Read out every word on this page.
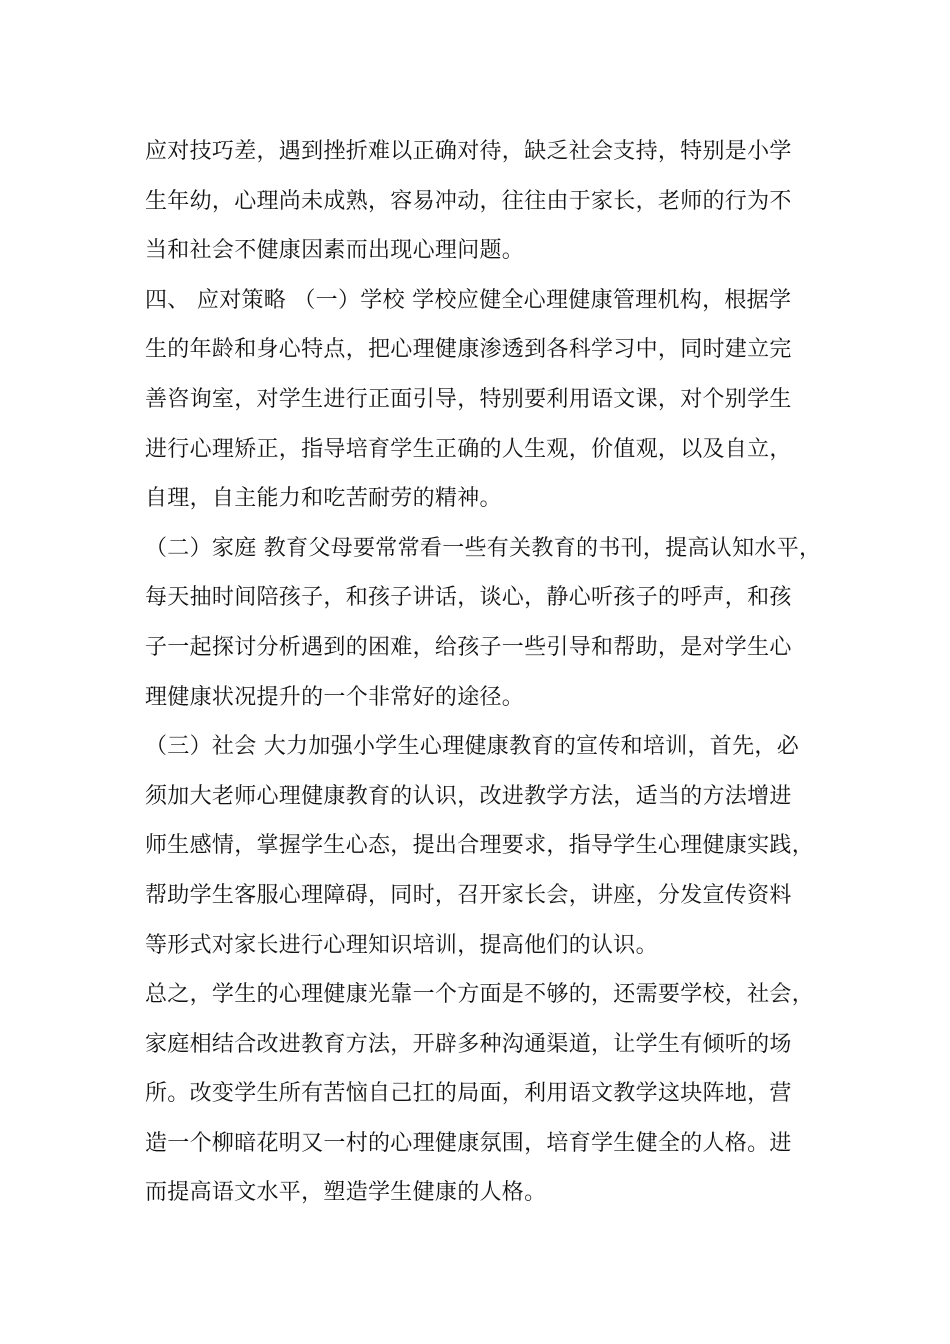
应对技巧差，遇到挫折难以正确对待，缺乏社会支持，特别是小学
生年幼，心理尚未成熟，容易冲动，往往由于家长，老师的行为不
当和社会不健康因素而出现心理问题。
四、 应对策略 （一）学校 学校应健全心理健康管理机构，根据学
生的年龄和身心特点，把心理健康渗透到各科学习中，同时建立完
善咨询室，对学生进行正面引导，特别要利用语文课，对个别学生
进行心理矫正，指导培育学生正确的人生观，价值观，以及自立，
自理，自主能力和吃苦耐劳的精神。
（二）家庭 教育父母要常常看一些有关教育的书刊，提高认知水平，
每天抽时间陪孩子，和孩子讲话，谈心，静心听孩子的呼声，和孩
子一起探讨分析遇到的困难，给孩子一些引导和帮助，是对学生心
理健康状况提升的一个非常好的途径。
（三）社会 大力加强小学生心理健康教育的宣传和培训，首先，必
须加大老师心理健康教育的认识，改进教学方法，适当的方法增进
师生感情，掌握学生心态，提出合理要求，指导学生心理健康实践，
帮助学生客服心理障碍，同时，召开家长会，讲座，分发宣传资料
等形式对家长进行心理知识培训，提高他们的认识。
总之，学生的心理健康光靠一个方面是不够的，还需要学校，社会，
家庭相结合改进教育方法，开辟多种沟通渠道，让学生有倾听的场
所。改变学生所有苦恼自己扛的局面，利用语文教学这块阵地，营
造一个柳暗花明又一村的心理健康氛围，培育学生健全的人格。进
而提高语文水平，塑造学生健康的人格。
